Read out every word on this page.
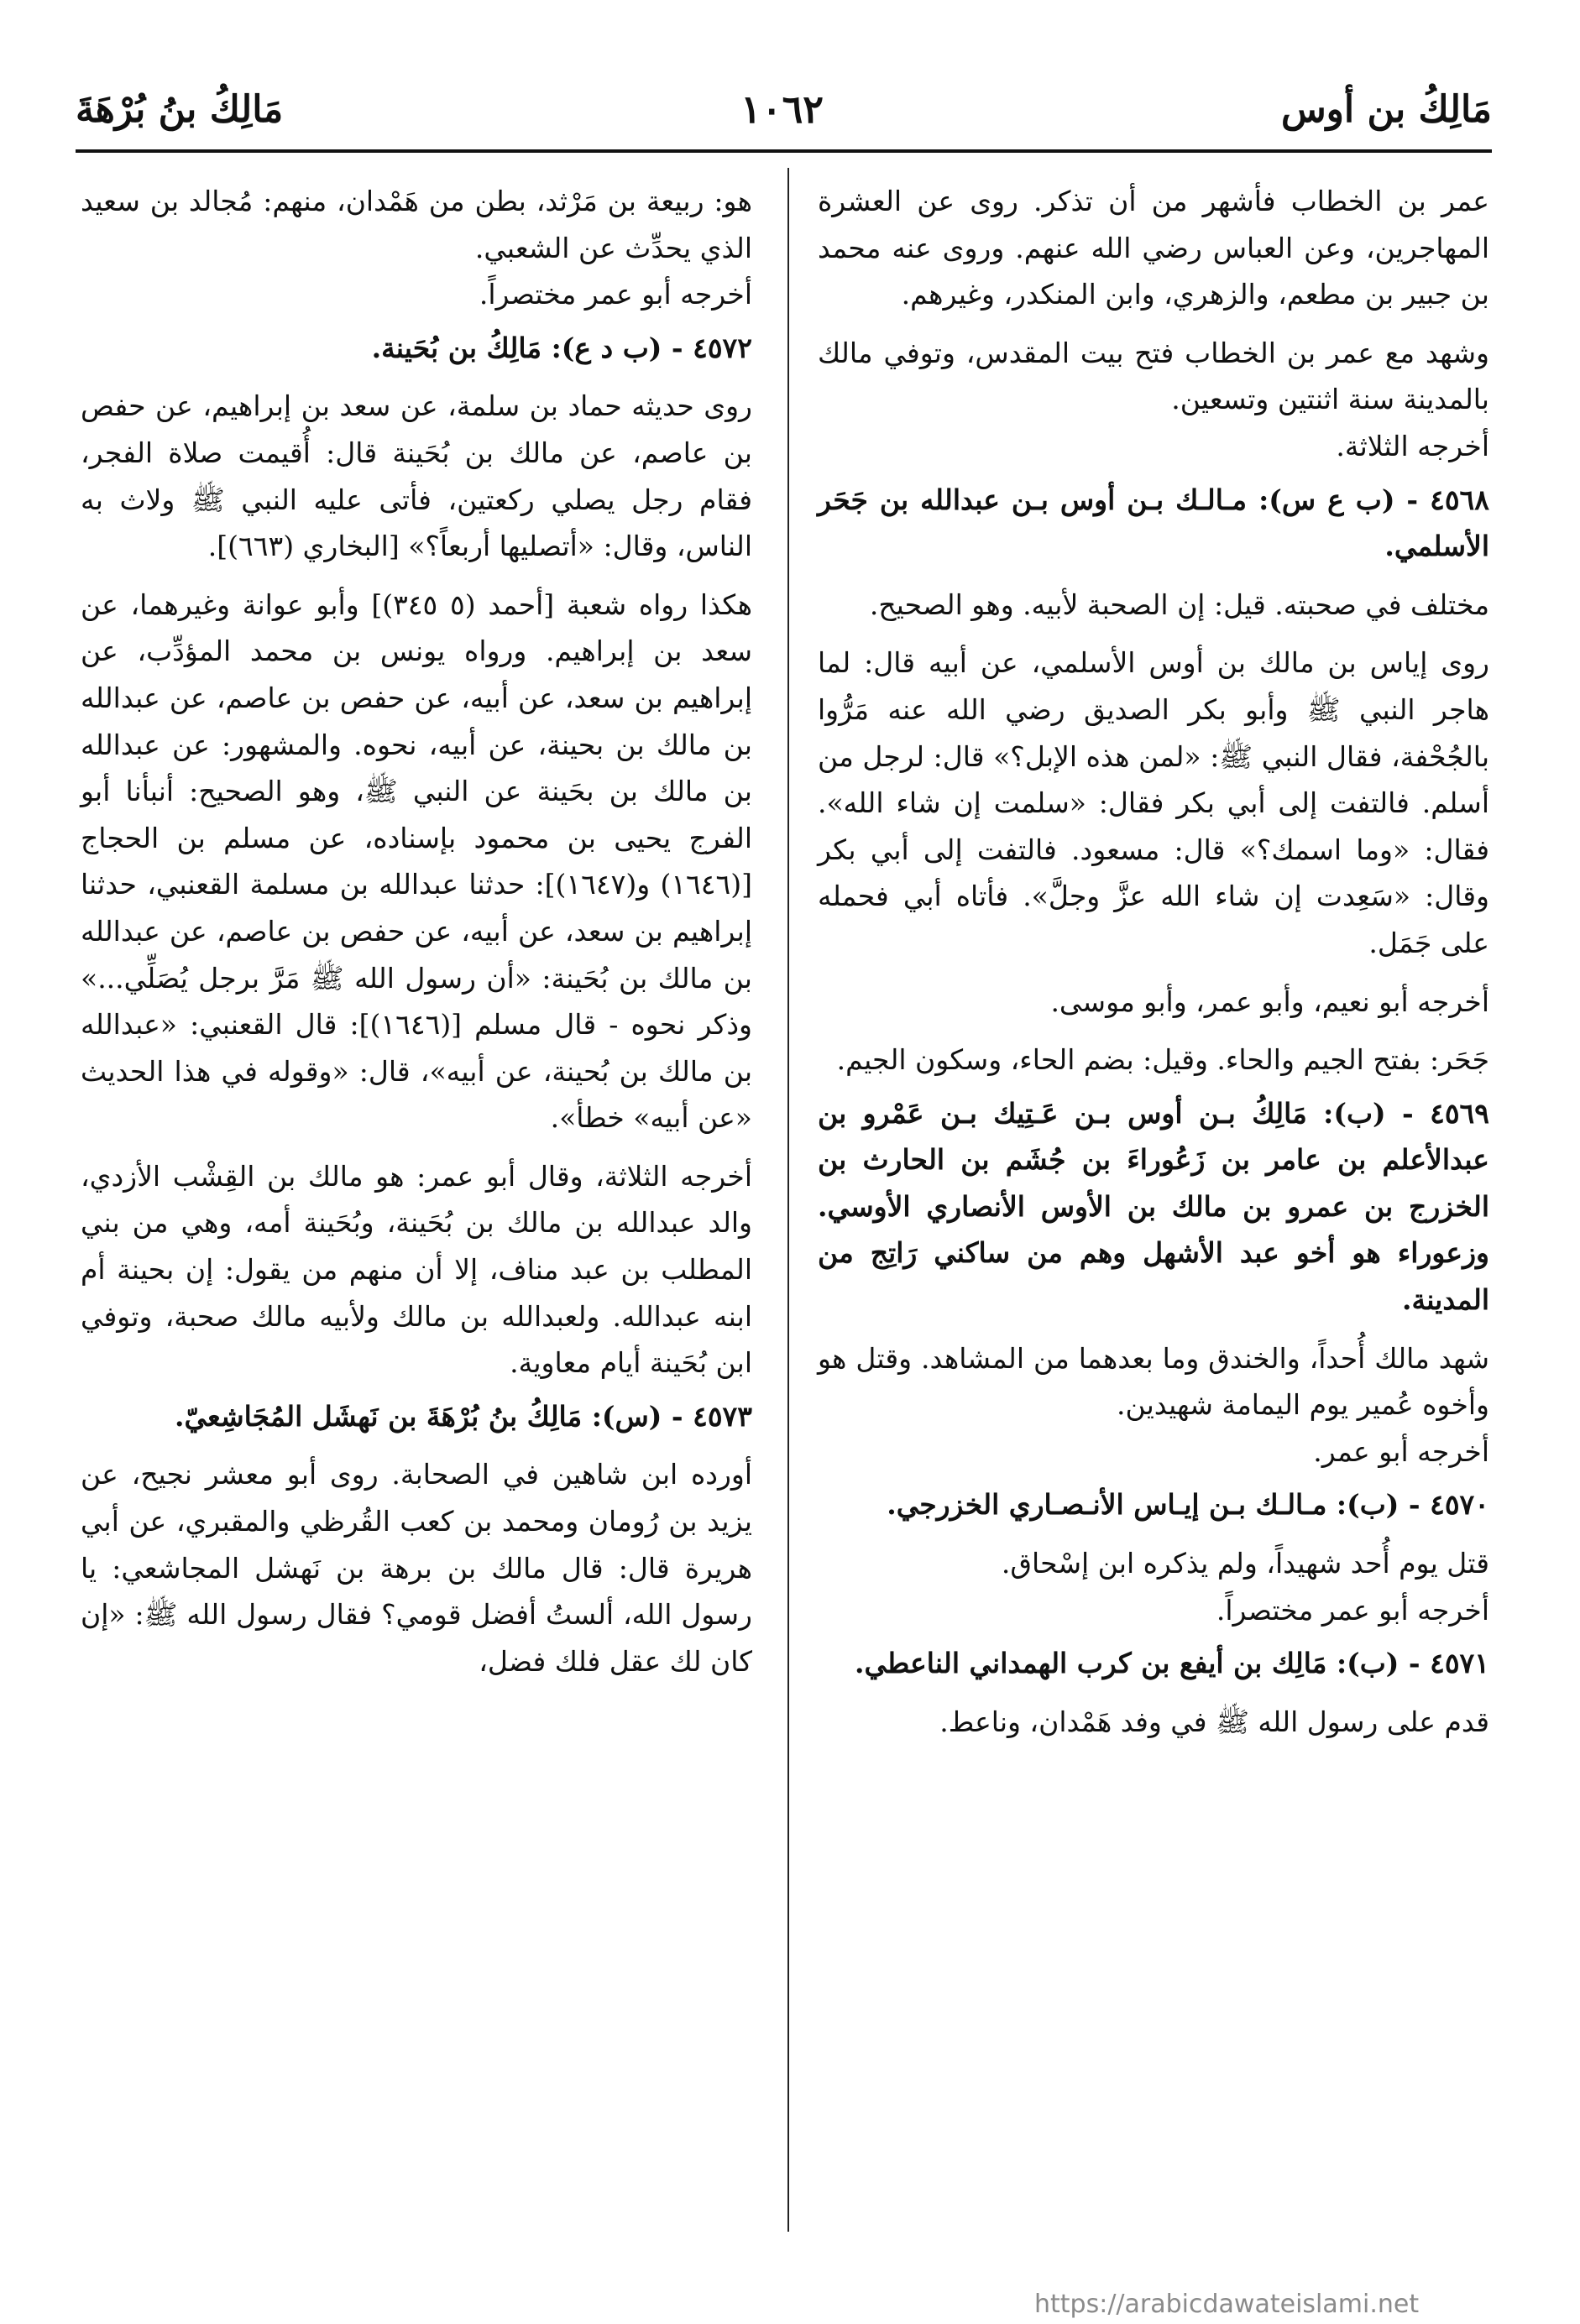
مَالِكُ بن أوس
١٠٦٢
مَالِكُ بنُ بُرْهَةَ

عمر بن الخطاب فأشهر من أن تذكر. روى عن العشرة المهاجرين، وعن العباس رضي الله عنهم. وروى عنه محمد بن جبير بن مطعم، والزهري، وابن المنكدر، وغيرهم.

وشهد مع عمر بن الخطاب فتح بيت المقدس، وتوفي مالك بالمدينة سنة اثنتين وتسعين.

أخرجه الثلاثة.

٤٥٦٨ - (ب ع س): مـالـك بـن أوس بـن عبدالله بن جَحَر الأسلمي.

مختلف في صحبته. قيل: إن الصحبة لأبيه. وهو الصحيح.

روى إياس بن مالك بن أوس الأسلمي، عن أبيه قال: لما هاجر النبي ﷺ وأبو بكر الصديق رضي الله عنه مَرُّوا بالجُحْفة، فقال النبي ﷺ: «لمن هذه الإبل؟» قال: لرجل من أسلم. فالتفت إلى أبي بكر فقال: «سلمت إن شاء الله». فقال: «وما اسمك؟» قال: مسعود. فالتفت إلى أبي بكر وقال: «سَعِدت إن شاء الله عزَّ وجلَّ». فأتاه أبي فحمله على جَمَل.

أخرجه أبو نعيم، وأبو عمر، وأبو موسى.

جَحَر: بفتح الجيم والحاء. وقيل: بضم الحاء، وسكون الجيم.

٤٥٦٩ - (ب): مَالِكُ بـن أوس بـن عَـتِيك بـن عَمْرو بن عبدالأعلم بن عامر بن زَعُوراءَ بن جُشَم بن الحارث بن الخزرج بن عمرو بن مالك بن الأوس الأنصاري الأوسي. وزعوراء هو أخو عبد الأشهل وهم من ساكني رَاتِج من المدينة.

شهد مالك أُحداً، والخندق وما بعدهما من المشاهد. وقتل هو وأخوه عُمير يوم اليمامة شهيدين.

أخرجه أبو عمر.

٤٥٧٠ - (ب): مـالـك بـن إيـاس الأنـصـاري الخزرجي.

قتل يوم أُحد شهيداً، ولم يذكره ابن إسْحاق.

أخرجه أبو عمر مختصراً.

٤٥٧١ - (ب): مَالِك بن أيفع بن كرب الهمداني الناعطي.

قدم على رسول الله ﷺ في وفد هَمْدان، وناعط.

هو: ربيعة بن مَرْثد، بطن من هَمْدان، منهم: مُجالد بن سعيد الذي يحدِّث عن الشعبي.

أخرجه أبو عمر مختصراً.

٤٥٧٢ - (ب د ع): مَالِكُ بن بُحَينة.

روى حديثه حماد بن سلمة، عن سعد بن إبراهيم، عن حفص بن عاصم، عن مالك بن بُحَينة قال: أُقيمت صلاة الفجر، فقام رجل يصلي ركعتين، فأتى عليه النبي ﷺ ولاث به الناس، وقال: «أتصليها أربعاً؟» [البخاري (٦٦٣)].

هكذا رواه شعبة [أحمد (٥ ٣٤٥)] وأبو عوانة وغيرهما، عن سعد بن إبراهيم. ورواه يونس بن محمد المؤدِّب، عن إبراهيم بن سعد، عن أبيه، عن حفص بن عاصم، عن عبدالله بن مالك بن بحينة، عن أبيه، نحوه. والمشهور: عن عبدالله بن مالك بن بحَينة عن النبي ﷺ، وهو الصحيح: أنبأنا أبو الفرج يحيى بن محمود بإسناده، عن مسلم بن الحجاج [(١٦٤٦) و(١٦٤٧)]: حدثنا عبدالله بن مسلمة القعنبي، حدثنا إبراهيم بن سعد، عن أبيه، عن حفص بن عاصم، عن عبدالله بن مالك بن بُحَينة: «أن رسول الله ﷺ مَرَّ برجل يُصَلِّي...» وذكر نحوه - قال مسلم [(١٦٤٦)]: قال القعنبي: «عبدالله بن مالك بن بُحينة، عن أبيه»، قال: «وقوله في هذا الحديث «عن أبيه» خطأ».

أخرجه الثلاثة، وقال أبو عمر: هو مالك بن القِشْب الأزدي، والد عبدالله بن مالك بن بُحَينة، وبُحَينة أمه، وهي من بني المطلب بن عبد مناف، إلا أن منهم من يقول: إن بحينة أم ابنه عبدالله. ولعبدالله بن مالك ولأبيه مالك صحبة، وتوفي ابن بُحَينة أيام معاوية.

٤٥٧٣ - (س): مَالِكُ بنُ بُرْهَةَ بن نَهشَل المُجَاشِعيّ.

أورده ابن شاهين في الصحابة. روى أبو معشر نجيح، عن يزيد بن رُومان ومحمد بن كعب القُرظي والمقبري، عن أبي هريرة قال: قال مالك بن برهة بن نَهشل المجاشعي: يا رسول الله، ألستُ أفضل قومي؟ فقال رسول الله ﷺ: «إن كان لك عقل فلك فضل،

https://arabicdawateislami.net
